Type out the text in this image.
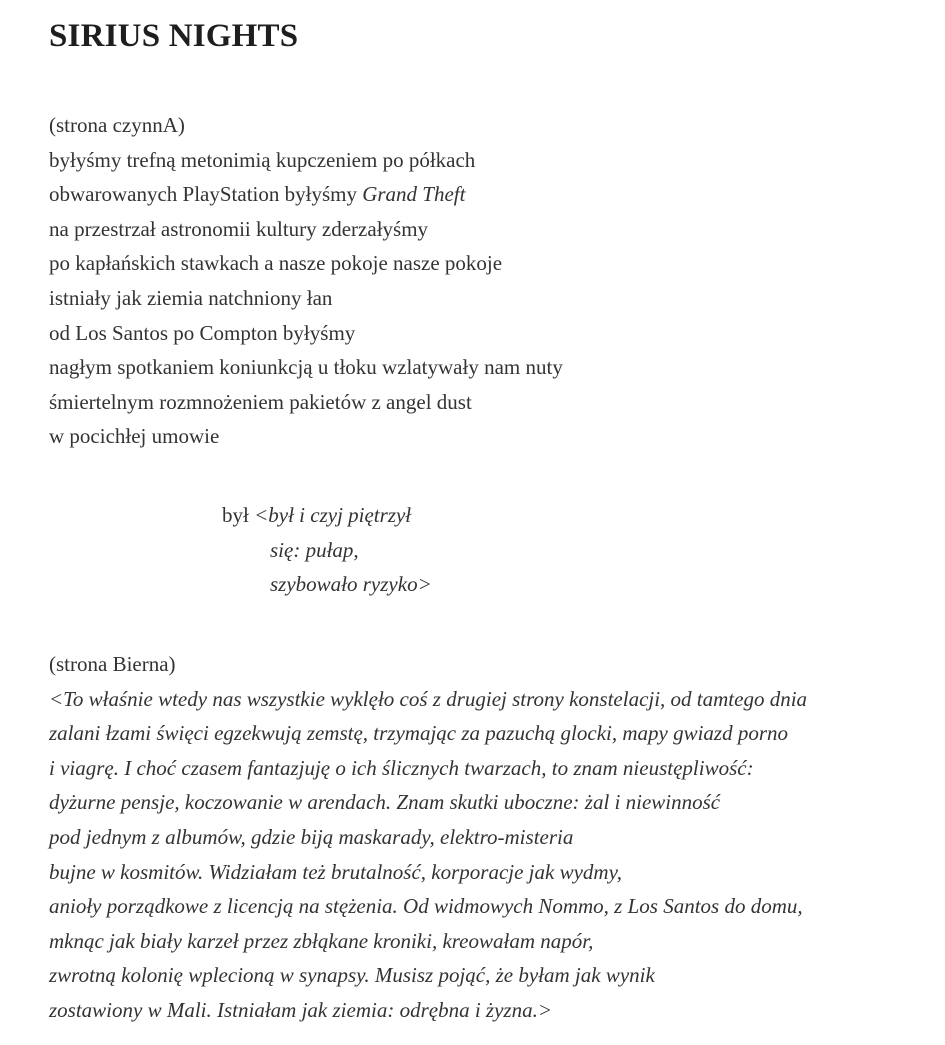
SIRIUS NIGHTS
(strona czynnA)
byłyśmy trefną metonimią kupczeniem po półkach
obwarowanych PlayStation byłyśmy Grand Theft
na przestrzał astronomii kultury zderzałyśmy
po kapłańskich stawkach a nasze pokoje nasze pokoje
istniały jak ziemia natchniony łan
od Los Santos po Compton byłyśmy
nagłym spotkaniem koniunkcją u tłoku wzlatywały nam nuty
śmiertelnym rozmnożeniem pakietów z angel dust
w pocichłej umowie
był <był i czyj piętrzył
się: pułap,
szybowało ryzyko>
(strona Bierna)
<To właśnie wtedy nas wszystkie wyklęło coś z drugiej strony konstelacji, od tamtego dnia
zalani łzami święci egzekwują zemstę, trzymając za pazuchą glocki, mapy gwiazd porno
i viagrę. I choć czasem fantazjuję o ich ślicznych twarzach, to znam nieustępliwość:
dyżurne pensje, koczowanie w arendach. Znam skutki uboczne: żal i niewinność
pod jednym z albumów, gdzie biją maskarady, elektro-misteria
bujne w kosmitów. Widziałam też brutalność, korporacje jak wydmy,
anioły porządkowe z licencją na stężenia. Od widmowych Nommo, z Los Santos do domu,
mknąc jak biały karzeł przez zbłąkane kroniki, kreowałam napór,
zwrotną kolonię wplecioną w synapsy. Musisz pojąć, że byłam jak wynik
zostawiony w Mali. Istniałam jak ziemia: odrębna i żyzna.>
